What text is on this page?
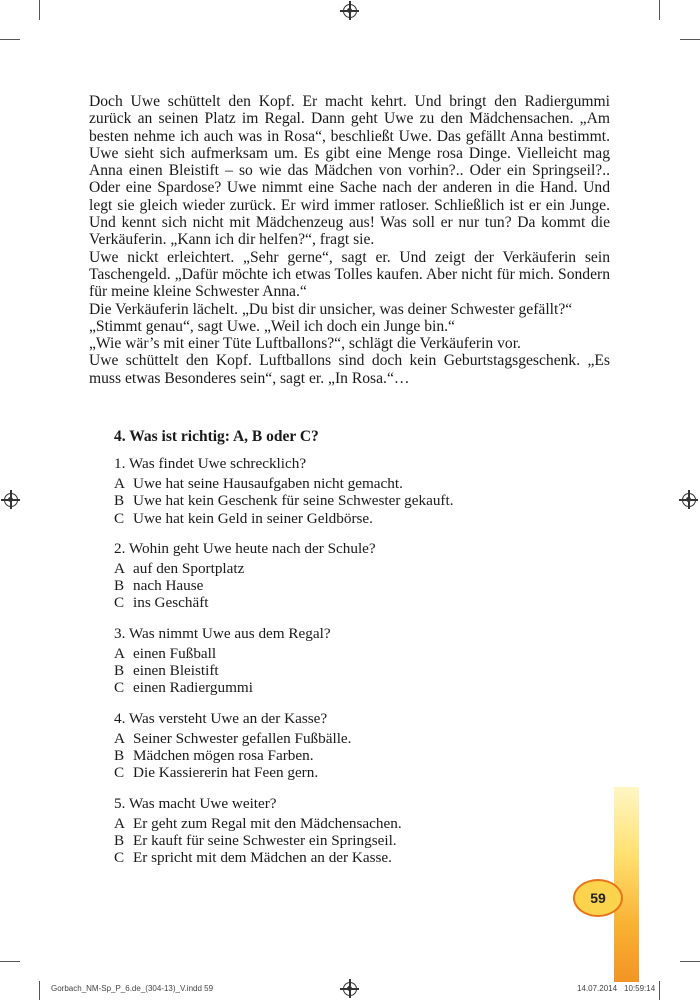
Doch Uwe schüttelt den Kopf. Er macht kehrt. Und bringt den Radiergummi zurück an seinen Platz im Regal. Dann geht Uwe zu den Mädchensachen. „Am besten nehme ich auch was in Rosa“, beschließt Uwe. Das gefällt Anna bestimmt. Uwe sieht sich aufmerksam um. Es gibt eine Menge rosa Dinge. Vielleicht mag Anna einen Bleistift – so wie das Mädchen von vorhin?.. Oder ein Springseil?.. Oder eine Spardose? Uwe nimmt eine Sache nach der anderen in die Hand. Und legt sie gleich wieder zurück. Er wird immer ratloser. Schließlich ist er ein Junge. Und kennt sich nicht mit Mädchenzeug aus! Was soll er nur tun? Da kommt die Verkäuferin. „Kann ich dir helfen?“, fragt sie.

Uwe nickt erleichtert. „Sehr gerne“, sagt er. Und zeigt der Verkäuferin sein Taschengeld. „Dafür möchte ich etwas Tolles kaufen. Aber nicht für mich. Sondern für meine kleine Schwester Anna.“

Die Verkäuferin lächelt. „Du bist dir unsicher, was deiner Schwester gefällt?“

„Stimmt genau“, sagt Uwe. „Weil ich doch ein Junge bin.“

„Wie wär’s mit einer Tüte Luftballons?“, schlägt die Verkäuferin vor.

Uwe schüttelt den Kopf. Luftballons sind doch kein Geburtstagsgeschenk. „Es muss etwas Besonderes sein“, sagt er. „In Rosa.“…

4. Was ist richtig: A, B oder C?
1. Was findet Uwe schrecklich?
A Uwe hat seine Hausaufgaben nicht gemacht.
B Uwe hat kein Geschenk für seine Schwester gekauft.
C Uwe hat kein Geld in seiner Geldbörse.
2. Wohin geht Uwe heute nach der Schule?
A auf den Sportplatz
B nach Hause
C ins Geschäft
3. Was nimmt Uwe aus dem Regal?
A einen Fußball
B einen Bleistift
C einen Radiergummi
4. Was versteht Uwe an der Kasse?
A Seiner Schwester gefallen Fußbälle.
B Mädchen mögen rosa Farben.
C Die Kassiererin hat Feen gern.
5. Was macht Uwe weiter?
A Er geht zum Regal mit den Mädchensachen.
B Er kauft für seine Schwester ein Springseil.
C Er spricht mit dem Mädchen an der Kasse.
59
Gorbach_NM-Sp_P_6.de_(304-13)_V.indd 59	14.07.2014 10:59:14
